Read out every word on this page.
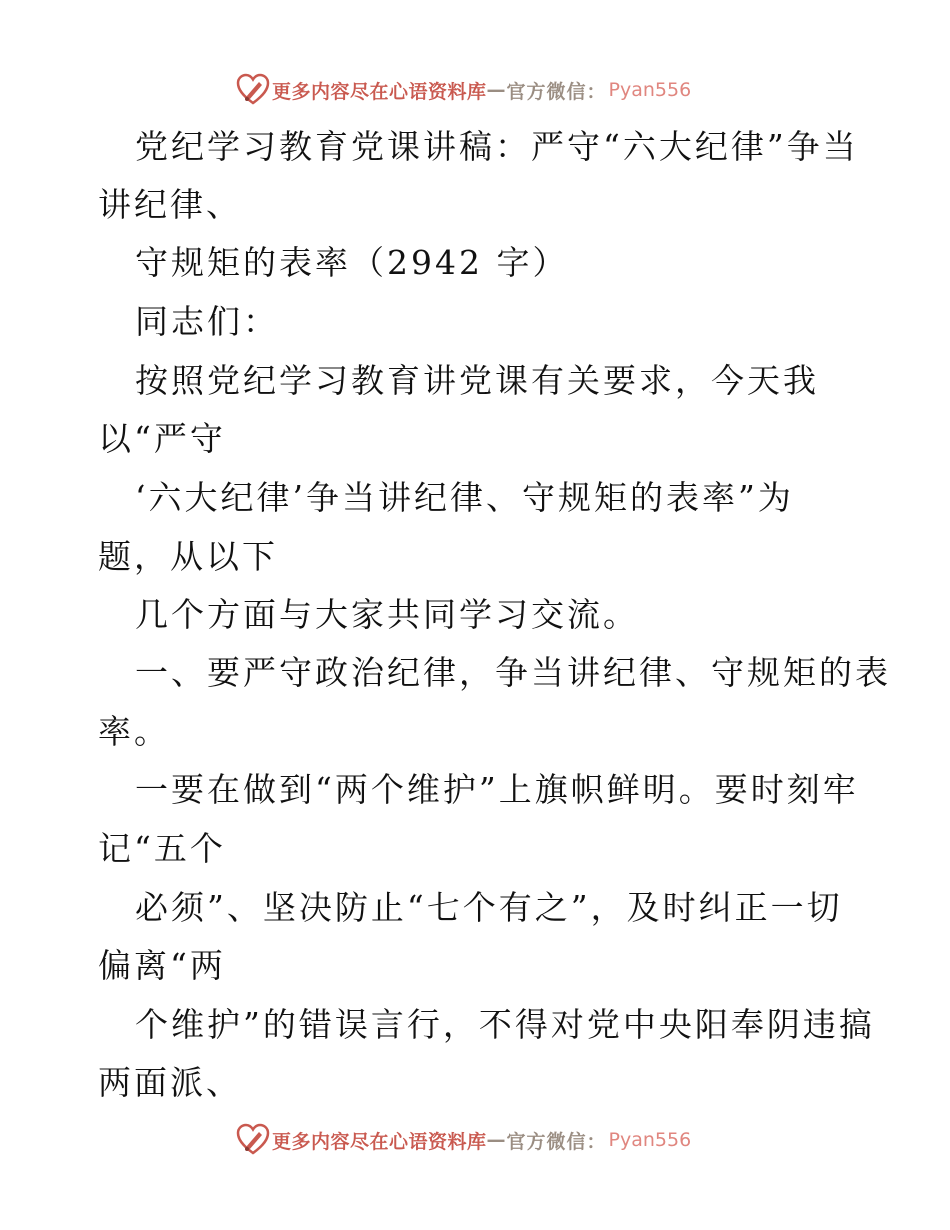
更多内容尽在心语资料库 — 官方微信： Pyan556
党纪学习教育党课讲稿：严守“六大纪律”争当
讲纪律、
守规矩的表率（2942 字）
同志们：
按照党纪学习教育讲党课有关要求，今天我
以“严守
‘六大纪律’争当讲纪律、守规矩的表率”为
题，从以下
几个方面与大家共同学习交流。
一、要严守政治纪律，争当讲纪律、守规矩的表
率。
一要在做到“两个维护”上旗帜鲜明。要时刻牢
记“五个
必须”、坚决防止“七个有之”，及时纠正一切
偏离“两
个维护”的错误言行，不得对党中央阳奉阴违搞
两面派、
更多内容尽在心语资料库 — 官方微信： Pyan556
